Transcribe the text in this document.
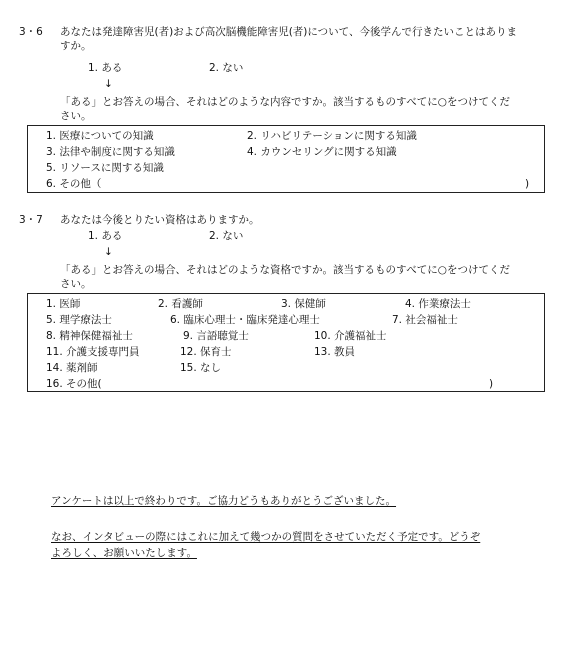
3・6 あなたは発達障害児(者)および高次脳機能障害児(者)について、今後学んで行きたいことはありま
すか。
1. ある	2. ない
↓
「ある」とお答えの場合、それはどのような内容ですか。該当するものすべてに○をつけてくだ
さい。
1. 医療についての知識	2. リハビリテーションに関する知識
3. 法律や制度に関する知識	4. カウンセリングに関する知識
5. リソースに関する知識
6. その他（	)
3・7 あなたは今後とりたい資格はありますか。
1. ある	2. ない
↓
「ある」とお答えの場合、それはどのような資格ですか。該当するものすべてに○をつけてくだ
さい。
1. 医師	2. 看護師	3. 保健師	4. 作業療法士
5. 理学療法士	6. 臨床心理士・臨床発達心理士	7. 社会福祉士
8. 精神保健福祉士	9. 言語聴覚士	10. 介護福祉士
11. 介護支援専門員	12. 保育士	13. 教員
14. 薬剤師	15. なし
16. その他(	)
アンケートは以上で終わりです。ご協力どうもありがとうございました。
なお、インタビューの際にはこれに加えて幾つかの質問をさせていただく予定です。どうぞ
よろしく、お願いいたします。
